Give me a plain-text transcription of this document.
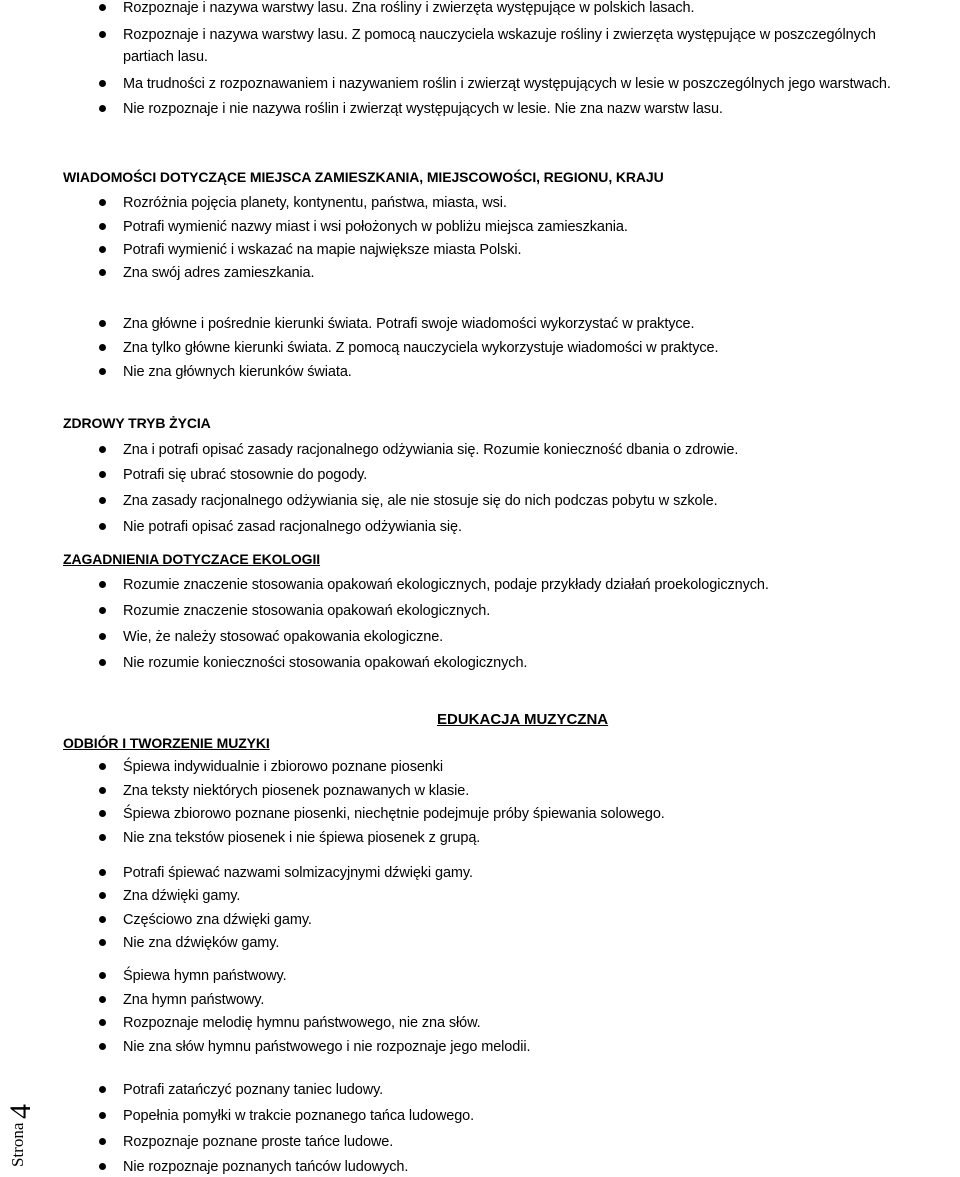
Rozpoznaje i nazywa warstwy lasu. Zna rośliny i zwierzęta występujące w polskich lasach.
Rozpoznaje i nazywa warstwy lasu. Z pomocą nauczyciela wskazuje rośliny i zwierzęta występujące w poszczególnych
partiach lasu.
Ma trudności z rozpoznawaniem i nazywaniem roślin i zwierząt występujących w lesie w poszczególnych jego warstwach.
Nie rozpoznaje i nie nazywa roślin i zwierząt występujących w lesie. Nie zna nazw warstw lasu.
WIADOMOŚCI DOTYCZĄCE MIEJSCA ZAMIESZKANIA, MIEJSCOWOŚCI, REGIONU, KRAJU
Rozróżnia pojęcia planety, kontynentu, państwa, miasta, wsi.
Potrafi wymienić nazwy miast i wsi położonych w pobliżu miejsca zamieszkania.
Potrafi wymienić i wskazać na mapie największe miasta Polski.
Zna swój adres zamieszkania.
Zna główne i pośrednie kierunki świata. Potrafi swoje wiadomości wykorzystać w praktyce.
Zna tylko główne kierunki świata. Z pomocą nauczyciela wykorzystuje wiadomości w praktyce.
Nie zna głównych kierunków świata.
ZDROWY TRYB ŻYCIA
Zna i potrafi opisać zasady racjonalnego odżywiania się. Rozumie konieczność dbania o zdrowie.
Potrafi się ubrać stosownie do pogody.
Zna zasady racjonalnego odżywiania się, ale nie stosuje się do nich podczas pobytu w szkole.
Nie potrafi opisać zasad racjonalnego odżywiania się.
ZAGADNIENIA DOTYCZACE EKOLOGII
Rozumie znaczenie stosowania opakowań ekologicznych, podaje przykłady działań proekologicznych.
Rozumie znaczenie stosowania opakowań ekologicznych.
Wie, że należy stosować opakowania ekologiczne.
Nie rozumie konieczności stosowania opakowań ekologicznych.
EDUKACJA MUZYCZNA
ODBIÓR I TWORZENIE MUZYKI
Śpiewa indywidualnie i zbiorowo poznane piosenki
Zna teksty niektórych piosenek poznawanych w klasie.
Śpiewa zbiorowo poznane piosenki, niechętnie podejmuje próby śpiewania solowego.
Nie zna tekstów piosenek i nie śpiewa piosenek z grupą.
Potrafi śpiewać nazwami solmizacyjnymi dźwięki gamy.
Zna dźwięki gamy.
Częściowo zna dźwięki gamy.
Nie zna dźwięków gamy.
Śpiewa hymn państwowy.
Zna hymn państwowy.
Rozpoznaje melodię hymnu państwowego, nie zna słów.
Nie zna słów hymnu państwowego i nie rozpoznaje jego melodii.
Potrafi zatańczyć poznany taniec ludowy.
Popełnia pomyłki w trakcie poznanego tańca ludowego.
Rozpoznaje poznane proste tańce ludowe.
Nie rozpoznaje poznanych tańców ludowych.
Strona
4
